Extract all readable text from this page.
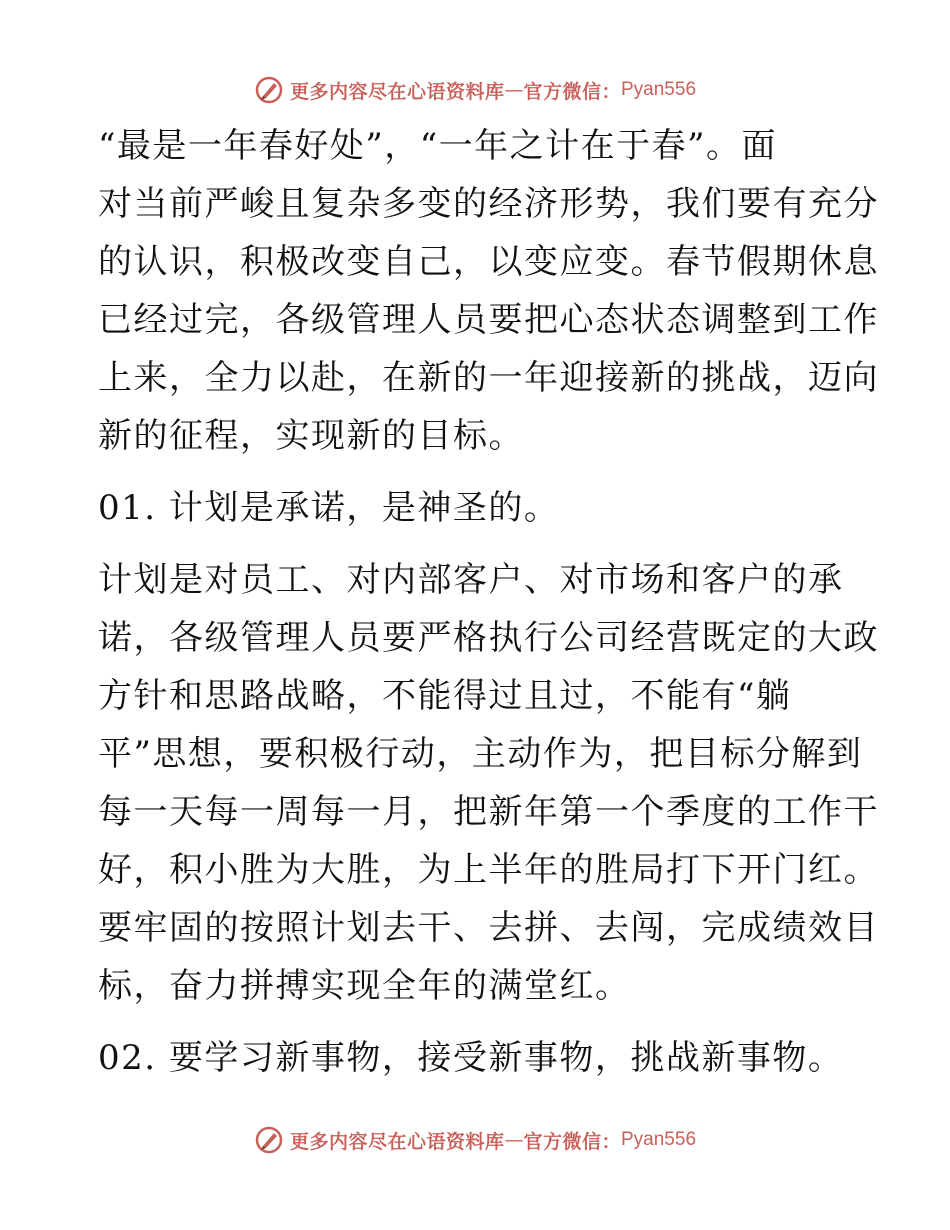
更多内容尽在心语资料库 — 官方微信： Pyan556
“最是一年春好处”，“一年之计在于春”。面
对当前严峻且复杂多变的经济形势，我们要有充分
的认识，积极改变自己，以变应变。春节假期休息
已经过完，各级管理人员要把心态状态调整到工作
上来，全力以赴，在新的一年迎接新的挑战，迈向
新的征程，实现新的目标。
01. 计划是承诺，是神圣的。
计划是对员工、对内部客户、对市场和客户的承
诺，各级管理人员要严格执行公司经营既定的大政
方针和思路战略，不能得过且过，不能有“躺
平”思想，要积极行动，主动作为，把目标分解到
每一天每一周每一月，把新年第一个季度的工作干
好，积小胜为大胜，为上半年的胜局打下开门红。
要牢固的按照计划去干、去拼、去闯，完成绩效目
标，奋力拼搏实现全年的满堂红。
02. 要学习新事物，接受新事物，挑战新事物。
更多内容尽在心语资料库 — 官方微信： Pyan556
